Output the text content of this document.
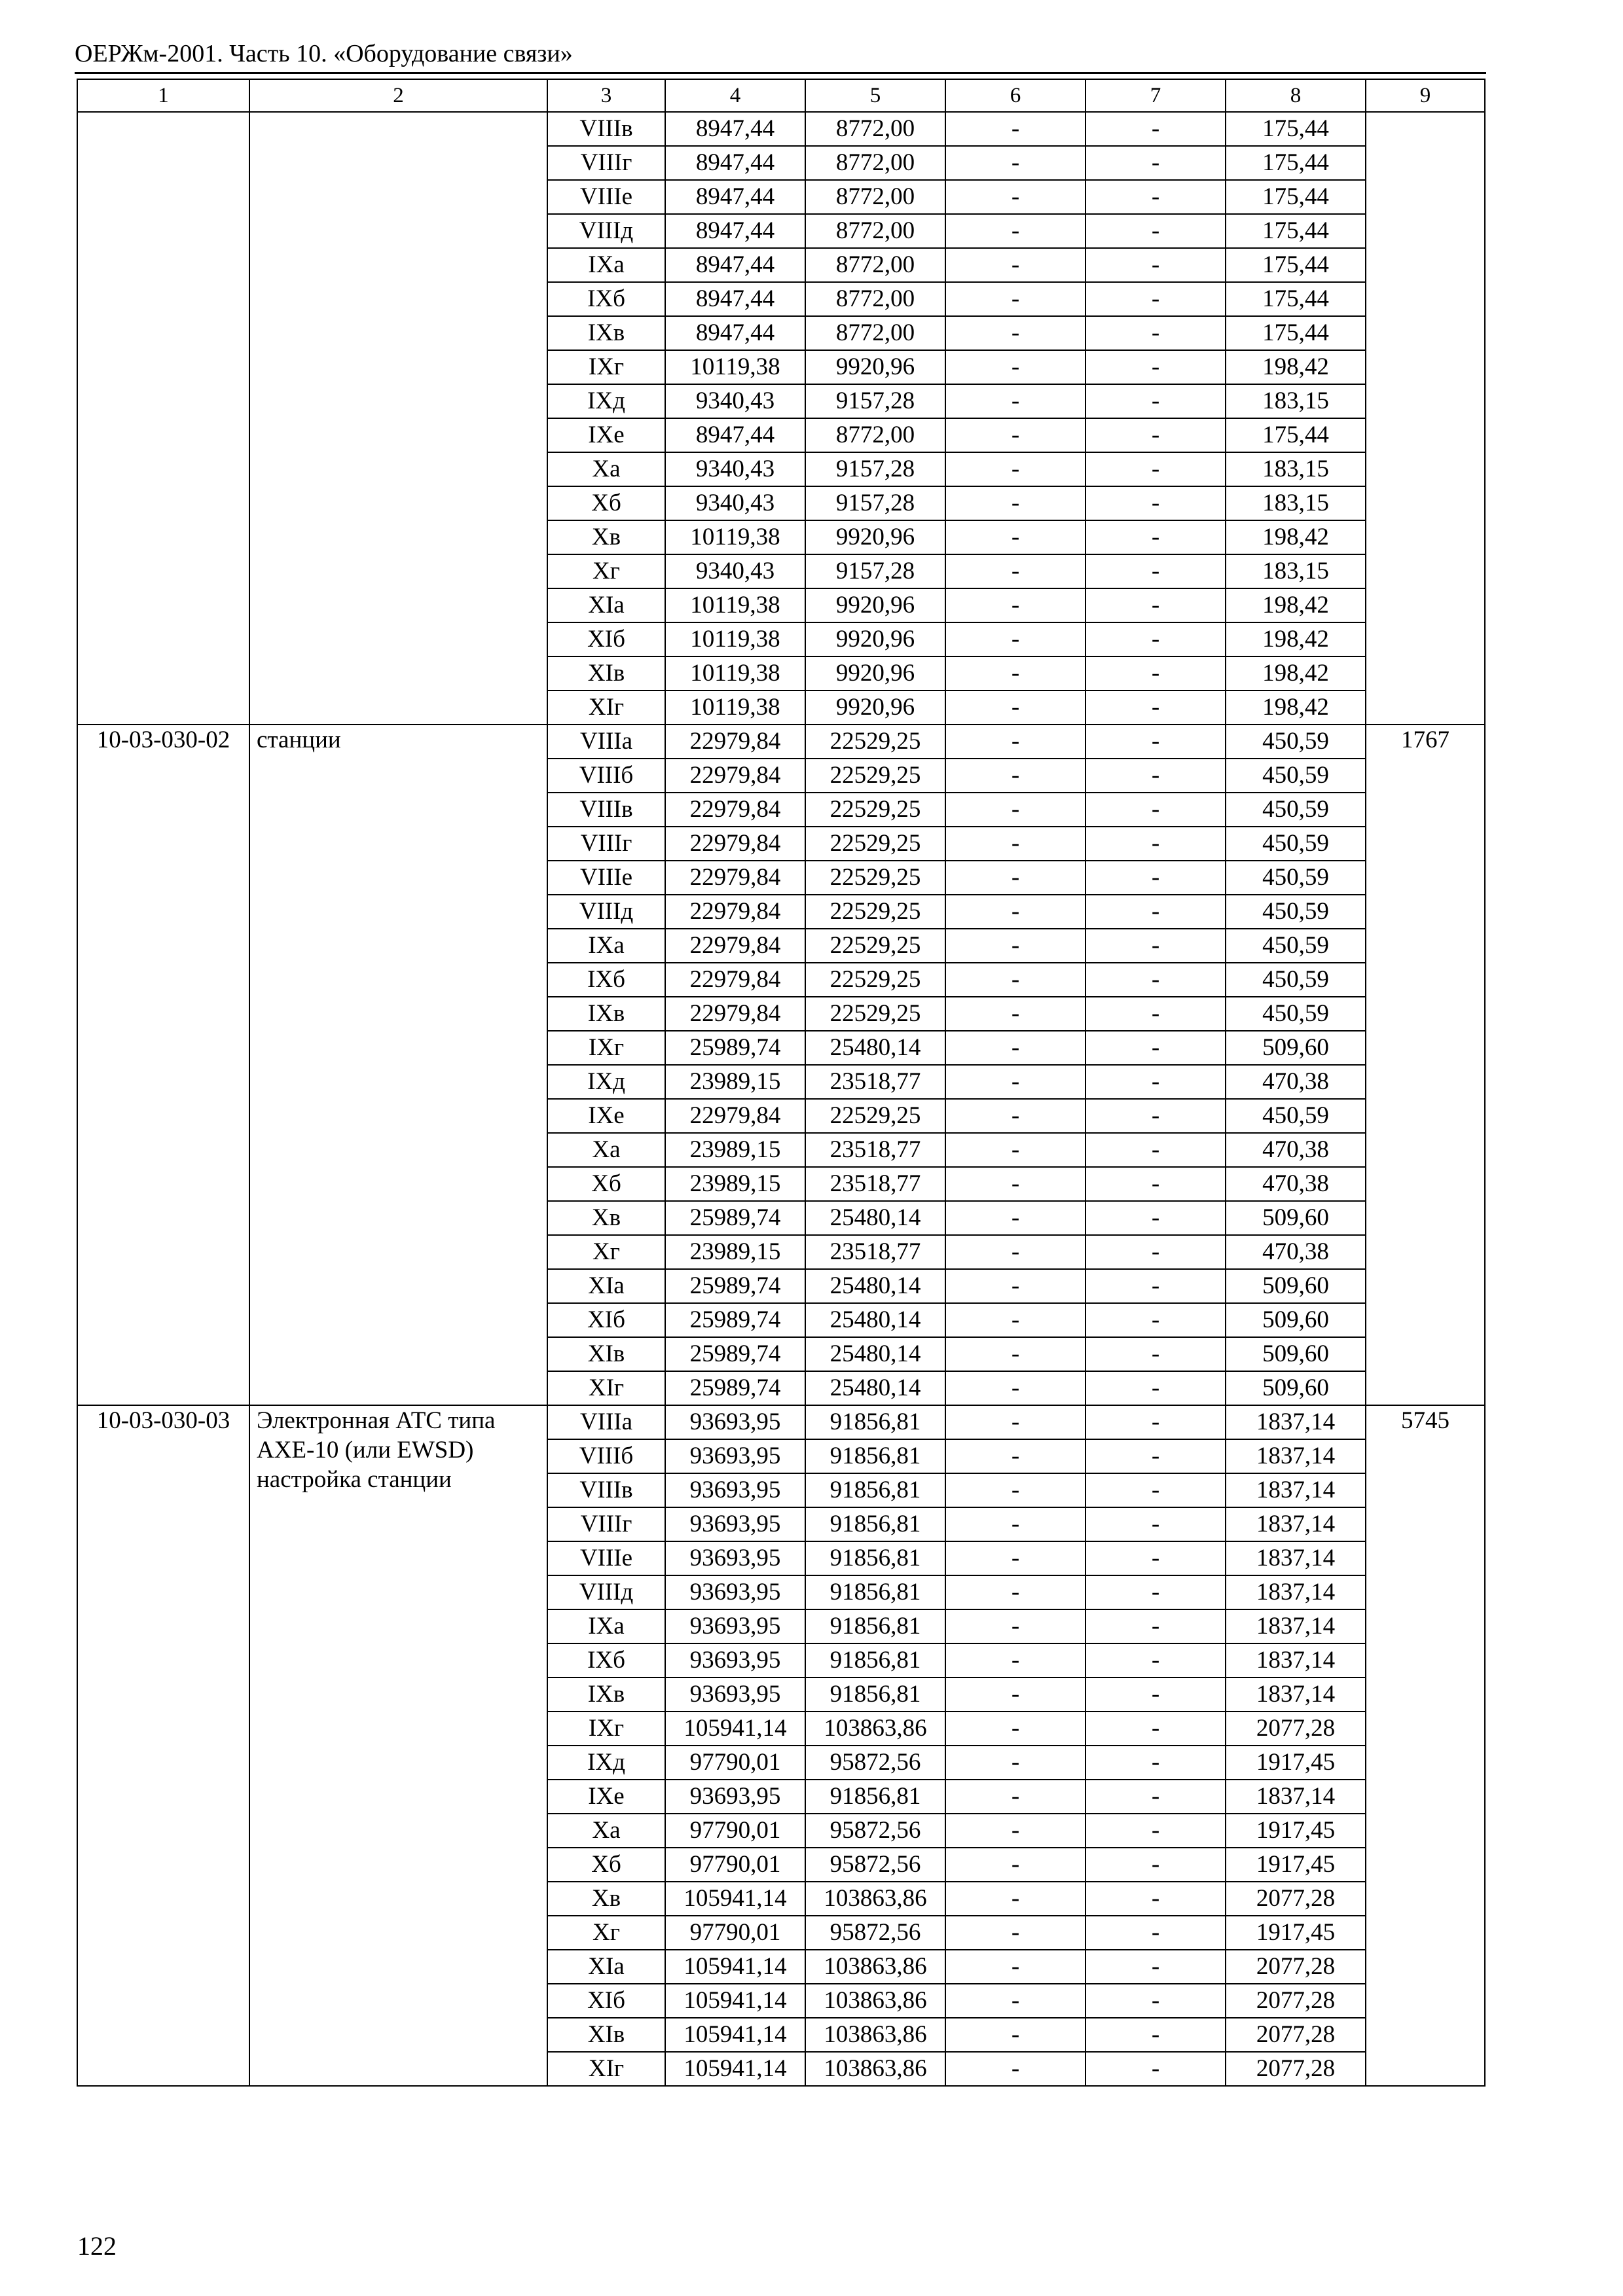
ОЕРЖм-2001. Часть 10. «Оборудование связи»
1	2	3	4	5	6	7	8	9
		VIIIв	8947,44	8772,00	-	-	175,44	
		VIIIг	8947,44	8772,00	-	-	175,44	
		VIIIе	8947,44	8772,00	-	-	175,44	
		VIIIд	8947,44	8772,00	-	-	175,44	
		IXа	8947,44	8772,00	-	-	175,44	
		IXб	8947,44	8772,00	-	-	175,44	
		IXв	8947,44	8772,00	-	-	175,44	
		IXг	10119,38	9920,96	-	-	198,42	
		IXд	9340,43	9157,28	-	-	183,15	
		IXе	8947,44	8772,00	-	-	175,44	
		Xа	9340,43	9157,28	-	-	183,15	
		Xб	9340,43	9157,28	-	-	183,15	
		Xв	10119,38	9920,96	-	-	198,42	
		Xг	9340,43	9157,28	-	-	183,15	
		XIа	10119,38	9920,96	-	-	198,42	
		XIб	10119,38	9920,96	-	-	198,42	
		XIв	10119,38	9920,96	-	-	198,42	
		XIг	10119,38	9920,96	-	-	198,42	
10-03-030-02	станции	VIIIа	22979,84	22529,25	-	-	450,59	1767
		VIIIб	22979,84	22529,25	-	-	450,59	
		VIIIв	22979,84	22529,25	-	-	450,59	
		VIIIг	22979,84	22529,25	-	-	450,59	
		VIIIе	22979,84	22529,25	-	-	450,59	
		VIIIд	22979,84	22529,25	-	-	450,59	
		IXа	22979,84	22529,25	-	-	450,59	
		IXб	22979,84	22529,25	-	-	450,59	
		IXв	22979,84	22529,25	-	-	450,59	
		IXг	25989,74	25480,14	-	-	509,60	
		IXд	23989,15	23518,77	-	-	470,38	
		IXе	22979,84	22529,25	-	-	450,59	
		Xа	23989,15	23518,77	-	-	470,38	
		Xб	23989,15	23518,77	-	-	470,38	
		Xв	25989,74	25480,14	-	-	509,60	
		Xг	23989,15	23518,77	-	-	470,38	
		XIа	25989,74	25480,14	-	-	509,60	
		XIб	25989,74	25480,14	-	-	509,60	
		XIв	25989,74	25480,14	-	-	509,60	
		XIг	25989,74	25480,14	-	-	509,60	
10-03-030-03	Электронная АТС типа AXE-10 (или EWSD) настройка станции	VIIIа	93693,95	91856,81	-	-	1837,14	5745
		VIIIб	93693,95	91856,81	-	-	1837,14	
		VIIIв	93693,95	91856,81	-	-	1837,14	
		VIIIг	93693,95	91856,81	-	-	1837,14	
		VIIIе	93693,95	91856,81	-	-	1837,14	
		VIIIд	93693,95	91856,81	-	-	1837,14	
		IXа	93693,95	91856,81	-	-	1837,14	
		IXб	93693,95	91856,81	-	-	1837,14	
		IXв	93693,95	91856,81	-	-	1837,14	
		IXг	105941,14	103863,86	-	-	2077,28	
		IXд	97790,01	95872,56	-	-	1917,45	
		IXе	93693,95	91856,81	-	-	1837,14	
		Xа	97790,01	95872,56	-	-	1917,45	
		Xб	97790,01	95872,56	-	-	1917,45	
		Xв	105941,14	103863,86	-	-	2077,28	
		Xг	97790,01	95872,56	-	-	1917,45	
		XIа	105941,14	103863,86	-	-	2077,28	
		XIб	105941,14	103863,86	-	-	2077,28	
		XIв	105941,14	103863,86	-	-	2077,28	
		XIг	105941,14	103863,86	-	-	2077,28	
122
